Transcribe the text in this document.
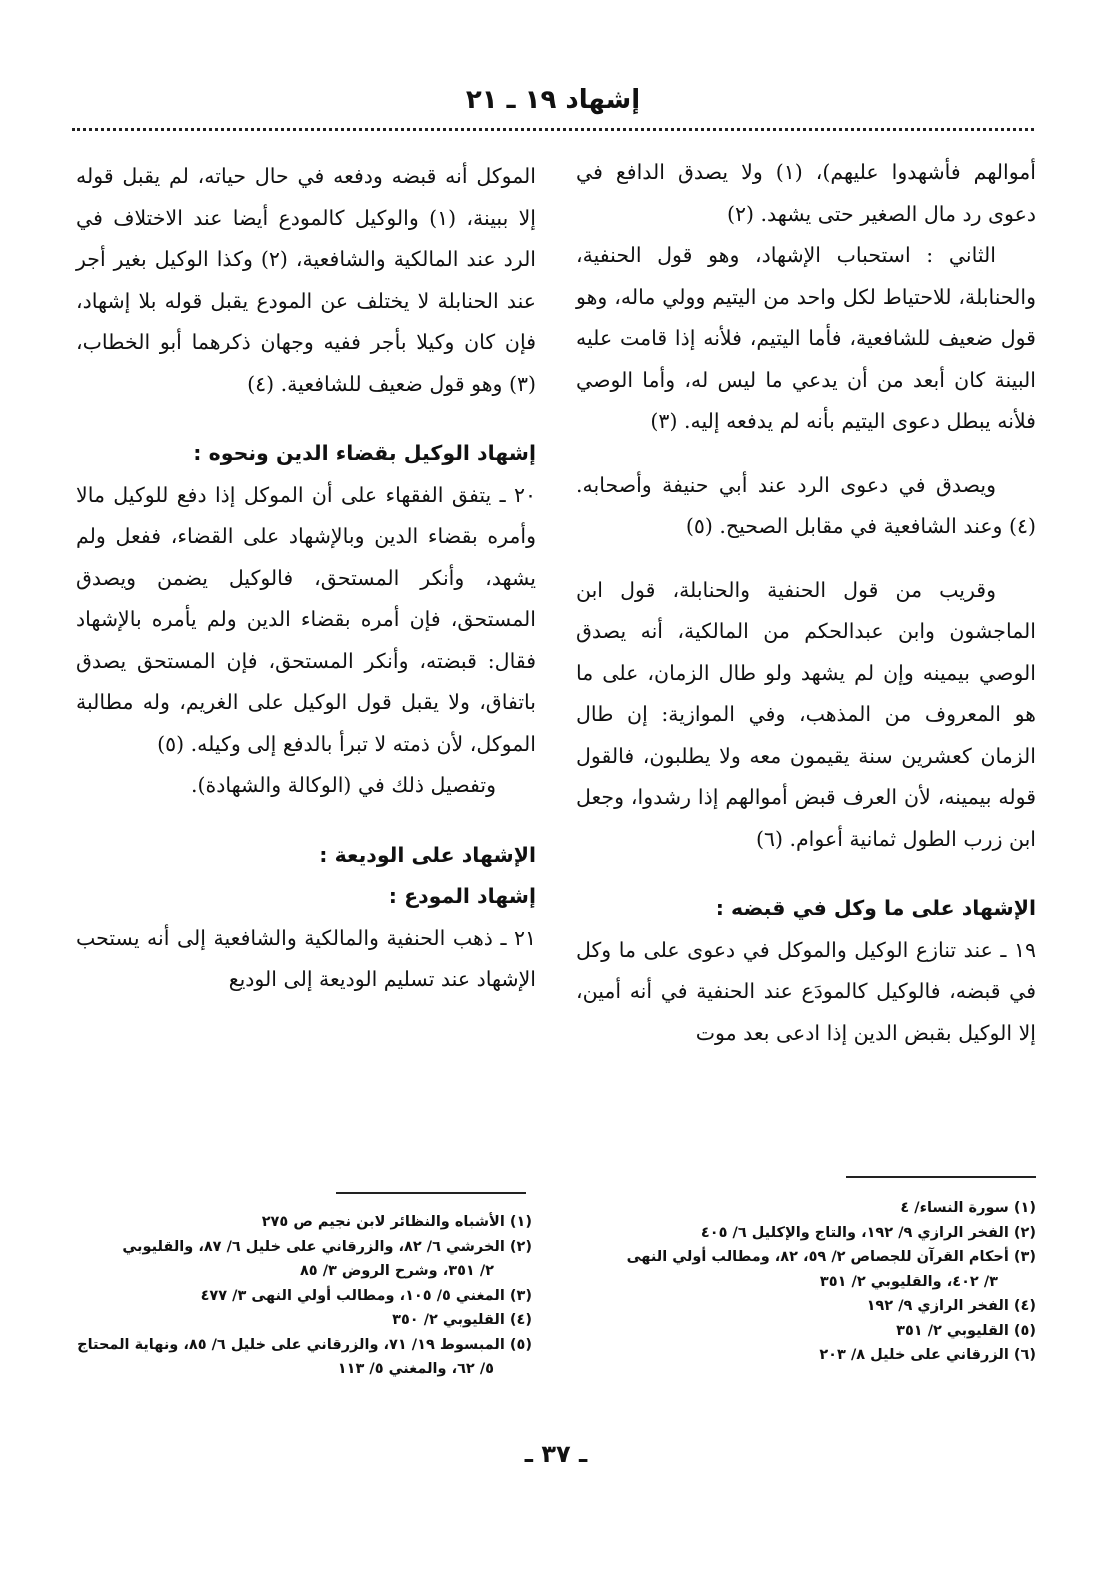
إشهاد ١٩ ـ ٢١

أموالهم فأشهدوا عليهم)، (١) ولا يصدق الدافع في دعوى رد مال الصغير حتى يشهد. (٢)

الثاني : استحباب الإشهاد، وهو قول الحنفية، والحنابلة، للاحتياط لكل واحد من اليتيم وولي ماله، وهو قول ضعيف للشافعية، فأما اليتيم، فلأنه إذا قامت عليه البينة كان أبعد من أن يدعي ما ليس له، وأما الوصي فلأنه يبطل دعوى اليتيم بأنه لم يدفعه إليه. (٣)

ويصدق في دعوى الرد عند أبي حنيفة وأصحابه. (٤) وعند الشافعية في مقابل الصحيح. (٥)

وقريب من قول الحنفية والحنابلة، قول ابن الماجشون وابن عبدالحكم من المالكية، أنه يصدق الوصي بيمينه وإن لم يشهد ولو طال الزمان، على ما هو المعروف من المذهب، وفي الموازية: إن طال الزمان كعشرين سنة يقيمون معه ولا يطلبون، فالقول قوله بيمينه، لأن العرف قبض أموالهم إذا رشدوا، وجعل ابن زرب الطول ثمانية أعوام. (٦)

الإشهاد على ما وكل في قبضه :

١٩ ـ عند تنازع الوكيل والموكل في دعوى على ما وكل في قبضه، فالوكيل كالمودَع عند الحنفية في أنه أمين، إلا الوكيل بقبض الدين إذا ادعى بعد موت

الموكل أنه قبضه ودفعه في حال حياته، لم يقبل قوله إلا ببينة، (١) والوكيل كالمودع أيضا عند الاختلاف في الرد عند المالكية والشافعية، (٢) وكذا الوكيل بغير أجر عند الحنابلة لا يختلف عن المودع يقبل قوله بلا إشهاد، فإن كان وكيلا بأجر ففيه وجهان ذكرهما أبو الخطاب، (٣) وهو قول ضعيف للشافعية. (٤)

إشهاد الوكيل بقضاء الدين ونحوه :

٢٠ ـ يتفق الفقهاء على أن الموكل إذا دفع للوكيل مالا وأمره بقضاء الدين وبالإشهاد على القضاء، ففعل ولم يشهد، وأنكر المستحق، فالوكيل يضمن ويصدق المستحق، فإن أمره بقضاء الدين ولم يأمره بالإشهاد فقال: قبضته، وأنكر المستحق، فإن المستحق يصدق باتفاق، ولا يقبل قول الوكيل على الغريم، وله مطالبة الموكل، لأن ذمته لا تبرأ بالدفع إلى وكيله. (٥)

وتفصيل ذلك في (الوكالة والشهادة).

الإشهاد على الوديعة :
إشهاد المودع :

٢١ ـ ذهب الحنفية والمالكية والشافعية إلى أنه يستحب الإشهاد عند تسليم الوديعة إلى الوديع

(١) سورة النساء/ ٤
(٢) الفخر الرازي ٩/ ١٩٢، والتاج والإكليل ٦/ ٤٠٥
(٣) أحكام القرآن للجصاص ٢/ ٥٩، ٨٢، ومطالب أولي النهى
٣/ ٤٠٢، والقليوبي ٢/ ٣٥١
(٤) الفخر الرازي ٩/ ١٩٢
(٥) القليوبي ٢/ ٣٥١
(٦) الزرقاني على خليل ٨/ ٢٠٣
(١) الأشباه والنظائر لابن نجيم ص ٢٧٥
(٢) الخرشي ٦/ ٨٢، والزرقاني على خليل ٦/ ٨٧، والقليوبي
٢/ ٣٥١، وشرح الروض ٣/ ٨٥
(٣) المغني ٥/ ١٠٥، ومطالب أولي النهى ٣/ ٤٧٧
(٤) القليوبي ٢/ ٣٥٠
(٥) المبسوط ١٩/ ٧١، والزرقاني على خليل ٦/ ٨٥، ونهاية المحتاج
٥/ ٦٢، والمغني ٥/ ١١٣
ـ ٣٧ ـ
